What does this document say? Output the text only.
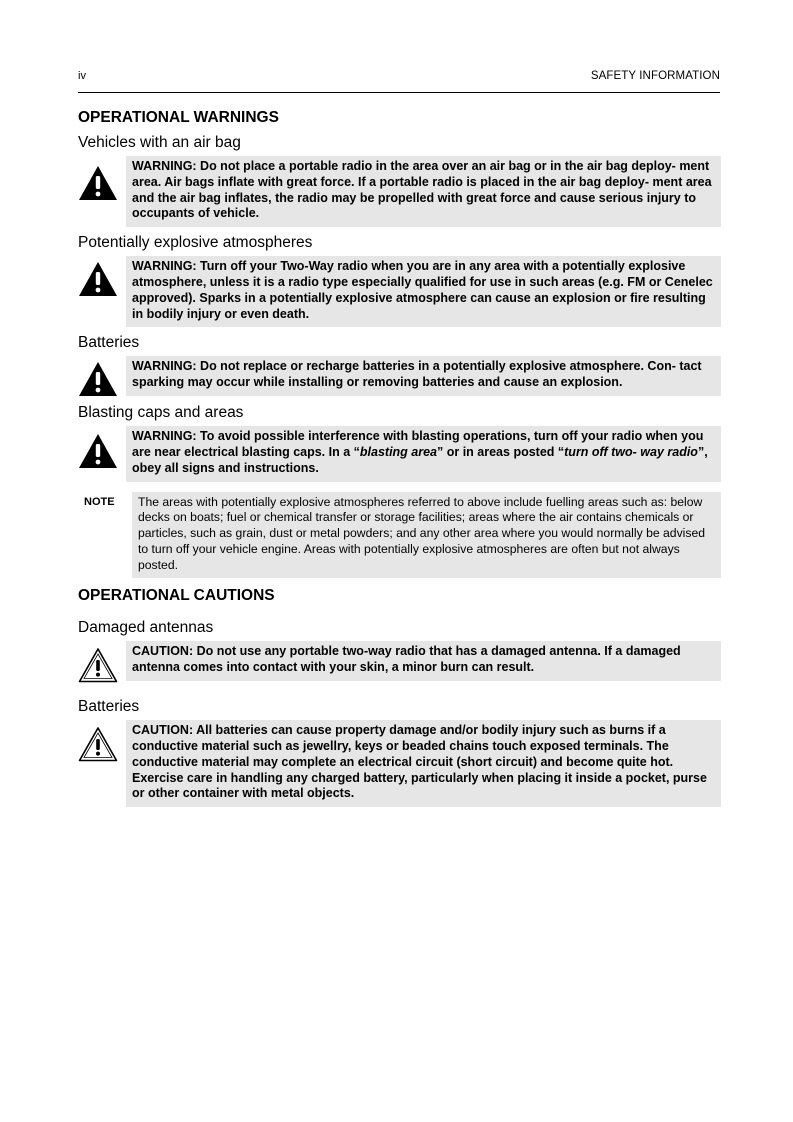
iv	SAFETY INFORMATION
OPERATIONAL WARNINGS

Vehicles with an air bag

WARNING: Do not place a portable radio in the area over an air bag or in the air bag deploy- ment area. Air bags inflate with great force. If a portable radio is placed in the air bag deploy- ment area and the air bag inflates, the radio may be propelled with great force and cause serious injury to occupants of vehicle.

Potentially explosive atmospheres

WARNING: Turn off your Two-Way radio when you are in any area with a potentially explosive atmosphere, unless it is a radio type especially qualified for use in such areas (e.g. FM or Cenelec approved). Sparks in a potentially explosive atmosphere can cause an explosion or fire resulting in bodily injury or even death.

Batteries

WARNING: Do not replace or recharge batteries in a potentially explosive atmosphere. Con- tact sparking may occur while installing or removing batteries and cause an explosion.

Blasting caps and areas

WARNING: To avoid possible interference with blasting operations, turn off your radio when you are near electrical blasting caps. In a “blasting area” or in areas posted “turn off two- way radio”, obey all signs and instructions.
NOTE	The areas with potentially explosive atmospheres referred to above include fuelling areas such as: below decks on boats; fuel or chemical transfer or storage facilities; areas where the air contains chemicals or particles, such as grain, dust or metal powders; and any other area where you would normally be advised to turn off your vehicle engine. Areas with potentially explosive atmospheres are often but not always posted.
OPERATIONAL CAUTIONS

Damaged antennas

CAUTION: Do not use any portable two-way radio that has a damaged antenna. If a damaged antenna comes into contact with your skin, a minor burn can result.

Batteries

CAUTION: All batteries can cause property damage and/or bodily injury such as burns if a conductive material such as jewellry, keys or beaded chains touch exposed terminals. The conductive material may complete an electrical circuit (short circuit) and become quite hot. Exercise care in handling any charged battery, particularly when placing it inside a pocket, purse or other container with metal objects.
